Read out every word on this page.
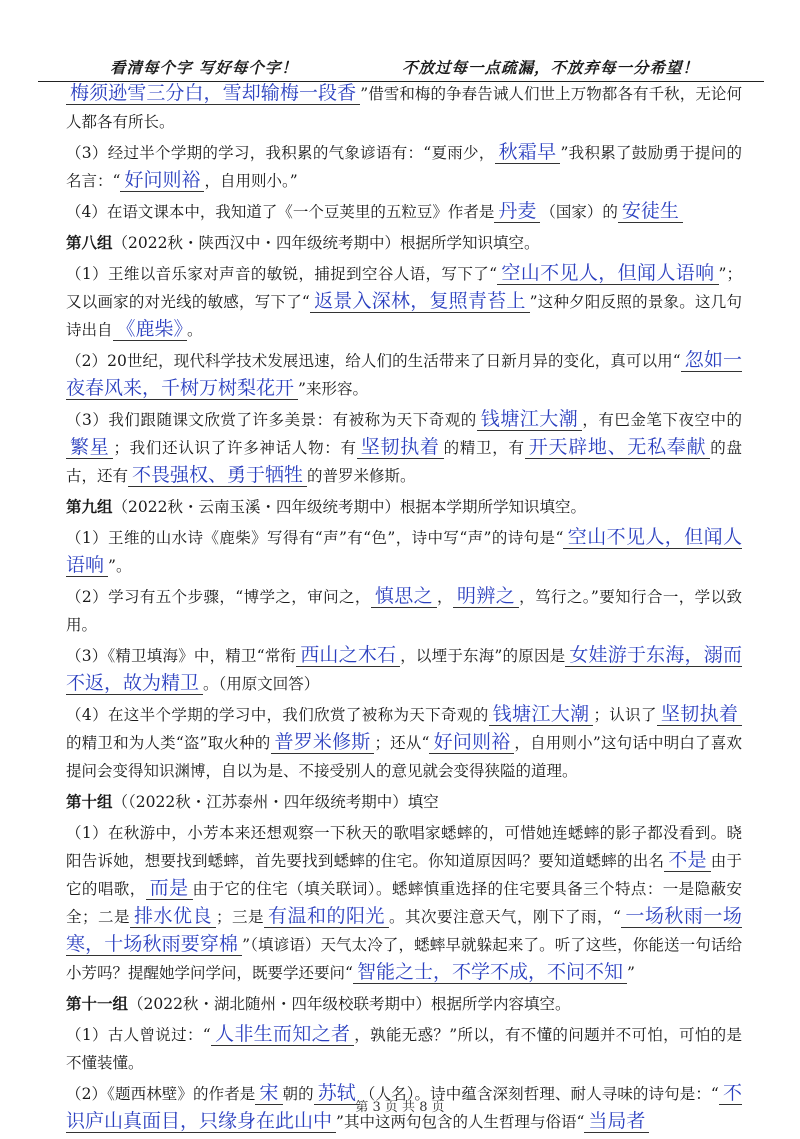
看清每个字 写好每个字！	不放过每一点疏漏，不放弃每一分希望！

梅须逊雪三分白，雪却输梅一段香 ”借雪和梅的争春告诫人们世上万物都各有千秋，无论何人都各有所长。

（3）经过半个学期的学习，我积累的气象谚语有：“夏雨少， 秋霜早 ”我积累了鼓励勇于提问的名言：“ 好问则裕 ，自用则小。”

（4）在语文课本中，我知道了《一个豆荚里的五粒豆》作者是 丹麦 （国家）的 安徒生

第八组（2022秋・陕西汉中・四年级统考期中）根据所学知识填空。

（1）王维以音乐家对声音的敏锐，捕捉到空谷人语，写下了“ 空山不见人，但闻人语响 ”；又以画家的对光线的敏感，写下了“ 返景入深林，复照青苔上 ”这种夕阳反照的景象。这几句诗出自 《鹿柴》 。

（2）20世纪，现代科学技术发展迅速，给人们的生活带来了日新月异的变化，真可以用“ 忽如一夜春风来，千树万树梨花开 ”来形容。

（3）我们跟随课文欣赏了许多美景：有被称为天下奇观的 钱塘江大潮 ，有巴金笔下夜空中的繁星 ；我们还认识了许多神话人物：有 坚韧执着 的精卫，有 开天辟地、无私奉献 的盘古，还有 不畏强权、勇于牺牲 的普罗米修斯。

第九组（2022秋・云南玉溪・四年级统考期中）根据本学期所学知识填空。

（1）王维的山水诗《鹿柴》写得有“声”有“色”，诗中写“声”的诗句是“ 空山不见人，但闻人语响 ”。

（2）学习有五个步骤，“博学之，审问之， 慎思之 ， 明辨之 ，笃行之。”要知行合一，学以致用。

（3）《精卫填海》中，精卫“常衔 西山之木石 ，以堙于东海”的原因是 女娃游于东海，溺而不返，故为精卫 。（用原文回答）

（4）在这半个学期的学习中，我们欣赏了被称为天下奇观的 钱塘江大潮 ；认识了 坚韧执着的精卫和为人类“盗”取火种的 普罗米修斯 ；还从“ 好问则裕 ，自用则小”这句话中明白了喜欢提问会变得知识渊博，自以为是、不接受别人的意见就会变得狭隘的道理。

第十组（（2022秋・江苏泰州・四年级统考期中）填空

（1）在秋游中，小芳本来还想观察一下秋天的歌唱家蟋蟀的，可惜她连蟋蟀的影子都没看到。晓阳告诉她，想要找到蟋蟀，首先要找到蟋蟀的住宅。你知道原因吗？要知道蟋蟀的出名 不是 由于它的唱歌， 而是 由于它的住宅（填关联词）。蟋蟀慎重选择的住宅要具备三个特点：一是隐蔽安全；二是 排水优良 ；三是 有温和的阳光 。其次要注意天气，刚下了雨，“ 一场秋雨一场寒，十场秋雨要穿棉 ”（填谚语）天气太冷了，蟋蟀早就躲起来了。听了这些，你能送一句话给小芳吗？提醒她学问学问，既要学还要问“ 智能之士，不学不成，不问不知 ”

第十一组（2022秋・湖北随州・四年级校联考期中）根据所学内容填空。

（1）古人曾说过：“ 人非生而知之者 ，孰能无惑？”所以，有不懂的问题并不可怕，可怕的是不懂装懂。

（2）《题西林壁》的作者是 宋 朝的 苏轼 （人名）。诗中蕴含深刻哲理、耐人寻味的诗句是：“ 不识庐山真面目，只缘身在此山中 ”其中这两句包含的人生哲理与俗语“ 当局者

第 3 页 共 8 页
